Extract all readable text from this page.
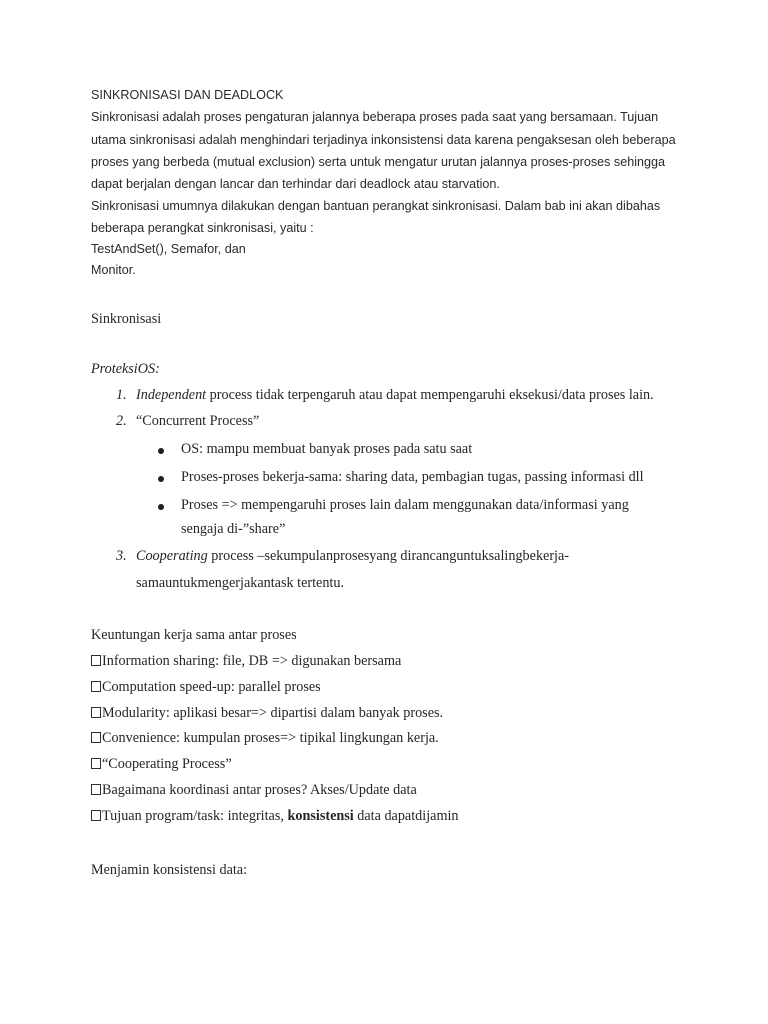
SINKRONISASI DAN DEADLOCK
Sinkronisasi adalah proses pengaturan jalannya beberapa proses pada saat yang bersamaan. Tujuan
utama sinkronisasi adalah menghindari terjadinya inkonsistensi data karena pengaksesan oleh beberapa
proses yang berbeda (mutual exclusion) serta untuk mengatur urutan jalannya proses-proses sehingga
dapat berjalan dengan lancar dan terhindar dari deadlock atau starvation.
Sinkronisasi umumnya dilakukan dengan bantuan perangkat sinkronisasi. Dalam bab ini akan dibahas
beberapa perangkat sinkronisasi, yaitu :
TestAndSet(), Semafor, dan
Monitor.
Sinkronisasi
ProteksiOS:
1. Independent process tidak terpengaruh atau dapat mempengaruhi eksekusi/data proses lain.
2. “Concurrent Process”
OS: mampu membuat banyak proses pada satu saat
Proses-proses bekerja-sama: sharing data, pembagian tugas, passing informasi dll
Proses => mempengaruhi proses lain dalam menggunakan data/informasi yang
sengaja di-”share”
3. Cooperating process –sekumpulanprosesyang dirancanguntuksalingbekerja-
samauntukmengerjakantask tertentu.
Keuntungan kerja sama antar proses
Information sharing: file, DB => digunakan bersama
Computation speed-up: parallel proses
Modularity: aplikasi besar=> dipartisi dalam banyak proses.
Convenience: kumpulan proses=> tipikal lingkungan kerja.
“Cooperating Process”
Bagaimana koordinasi antar proses? Akses/Update data
Tujuan program/task: integritas, konsistensi data dapatdijamin
Menjamin konsistensi data:
